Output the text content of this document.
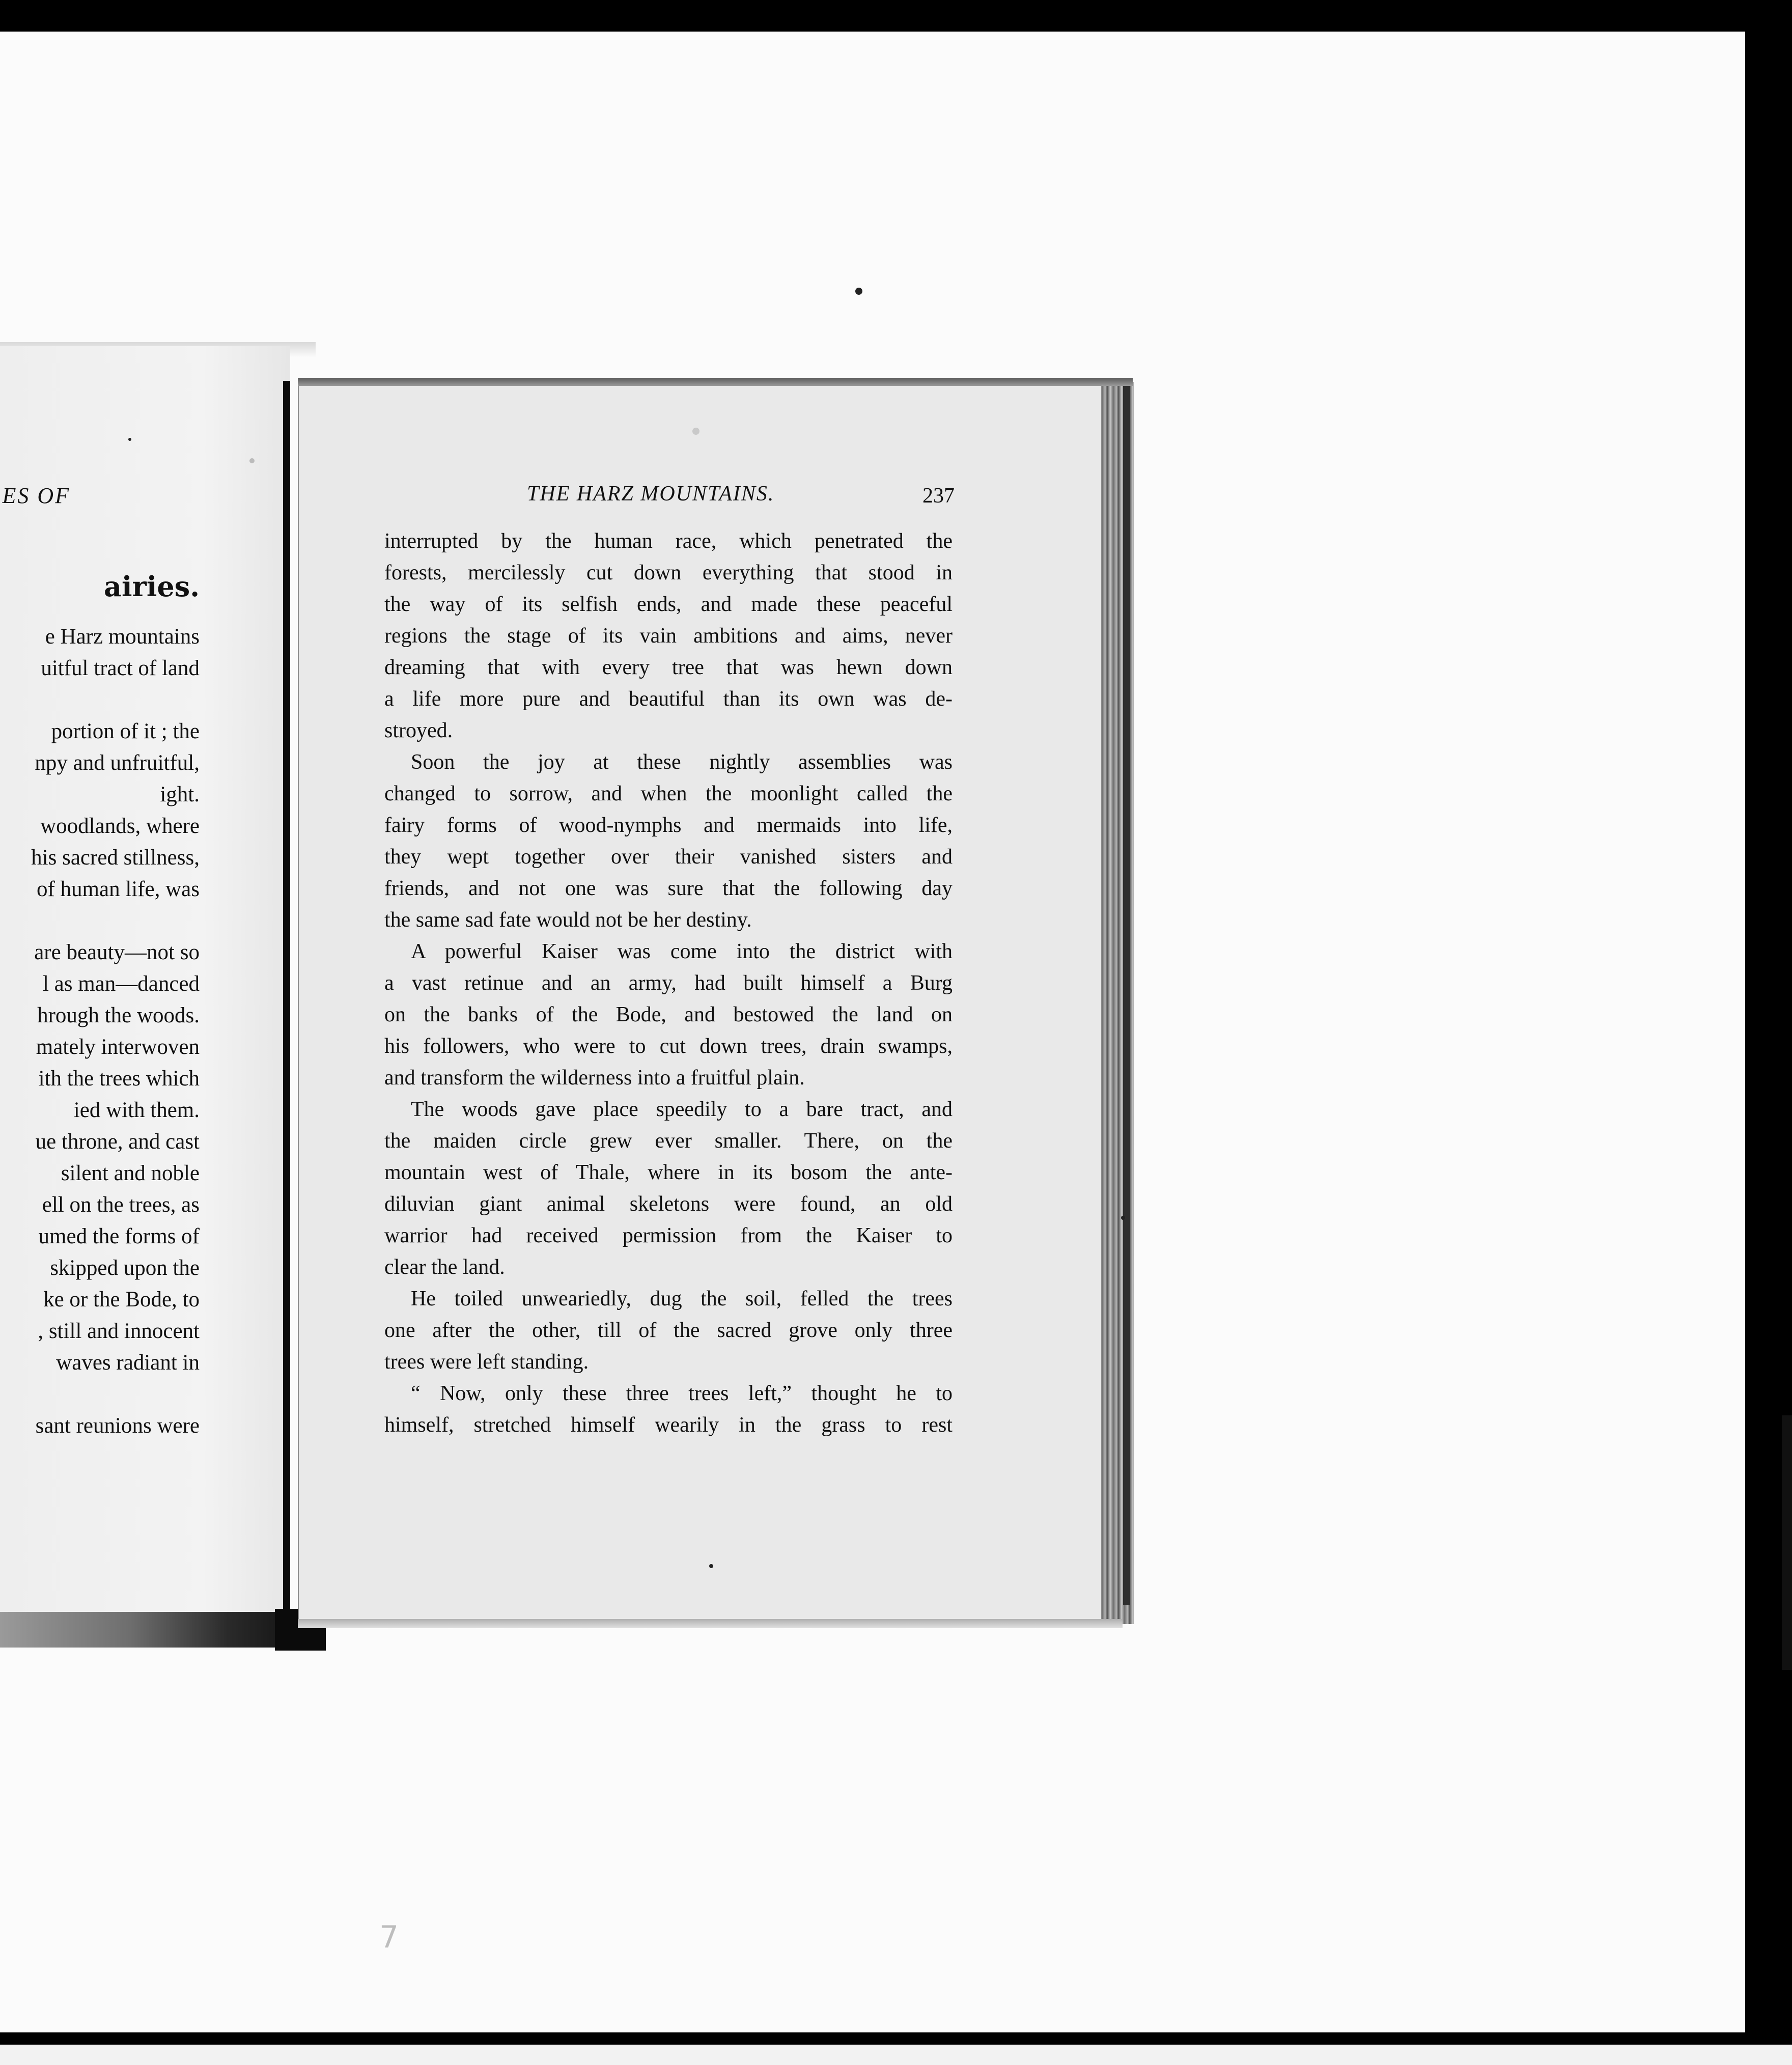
ES OF
airies.
e Harz mountains
uitful tract of land
portion of it ; the
npy and unfruitful,
ight.
woodlands, where
his sacred stillness,
of human life, was
are beauty—not so
l as man—danced
hrough the woods.
mately interwoven
ith the trees which
ied with them.
ue throne, and cast
silent and noble
ell on the trees, as
umed the forms of
skipped upon the
ke or the Bode, to
, still and innocent
waves radiant in
sant reunions were
THE HARZ MOUNTAINS.	237
interrupted by the human race, which penetrated the
forests, mercilessly cut down everything that stood in
the way of its selfish ends, and made these peaceful
regions the stage of its vain ambitions and aims, never
dreaming that with every tree that was hewn down
a life more pure and beautiful than its own was de-
stroyed.
Soon the joy at these nightly assemblies was
changed to sorrow, and when the moonlight called the
fairy forms of wood-nymphs and mermaids into life,
they wept together over their vanished sisters and
friends, and not one was sure that the following day
the same sad fate would not be her destiny.
A powerful Kaiser was come into the district with
a vast retinue and an army, had built himself a Burg
on the banks of the Bode, and bestowed the land on
his followers, who were to cut down trees, drain swamps,
and transform the wilderness into a fruitful plain.
The woods gave place speedily to a bare tract, and
the maiden circle grew ever smaller. There, on the
mountain west of Thale, where in its bosom the ante-
diluvian giant animal skeletons were found, an old
warrior had received permission from the Kaiser to
clear the land.
He toiled unweariedly, dug the soil, felled the trees
one after the other, till of the sacred grove only three
trees were left standing.
“ Now, only these three trees left,” thought he to
himself, stretched himself wearily in the grass to rest
7
